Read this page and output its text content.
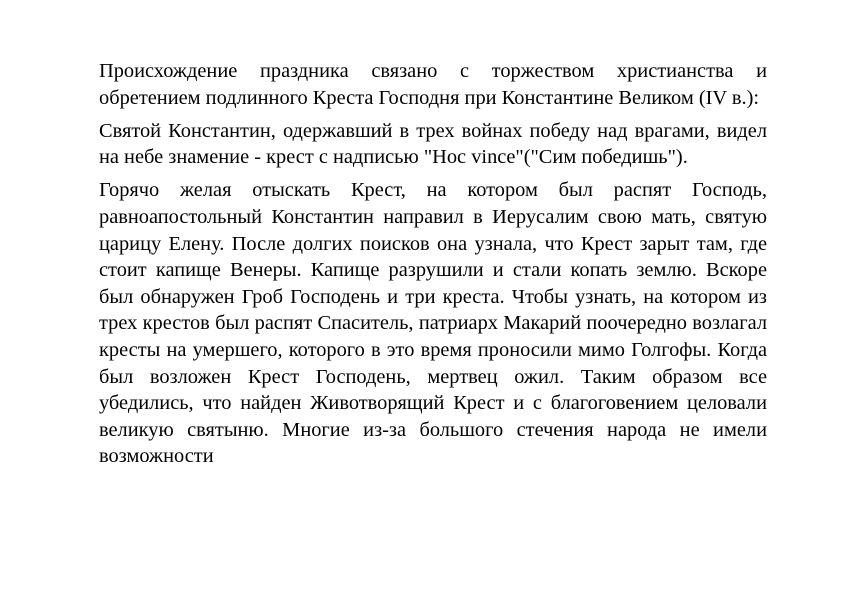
Происхождение праздника связано с торжеством христианства и обретением подлинного Креста Господня при Константине Великом (IV в.):

Святой Константин, одержавший в трех войнах победу над врагами, видел на небе знамение - крест с надписью "Hoc vince"("Сим победишь").

Горячо желая отыскать Крест, на котором был распят Господь, равноапостольный Константин направил в Иерусалим свою мать, святую царицу Елену. После долгих поисков она узнала, что Крест зарыт там, где стоит капище Венеры. Капище разрушили и стали копать землю. Вскоре был обнаружен Гроб Господень и три креста. Чтобы узнать, на котором из трех крестов был распят Спаситель, патриарх Макарий поочередно возлагал кресты на умершего, которого в это время проносили мимо Голгофы. Когда был возложен Крест Господень, мертвец ожил. Таким образом все убедились, что найден Животворящий Крест и с благоговением целовали великую святыню. Многие из-за большого стечения народа не имели возможности
